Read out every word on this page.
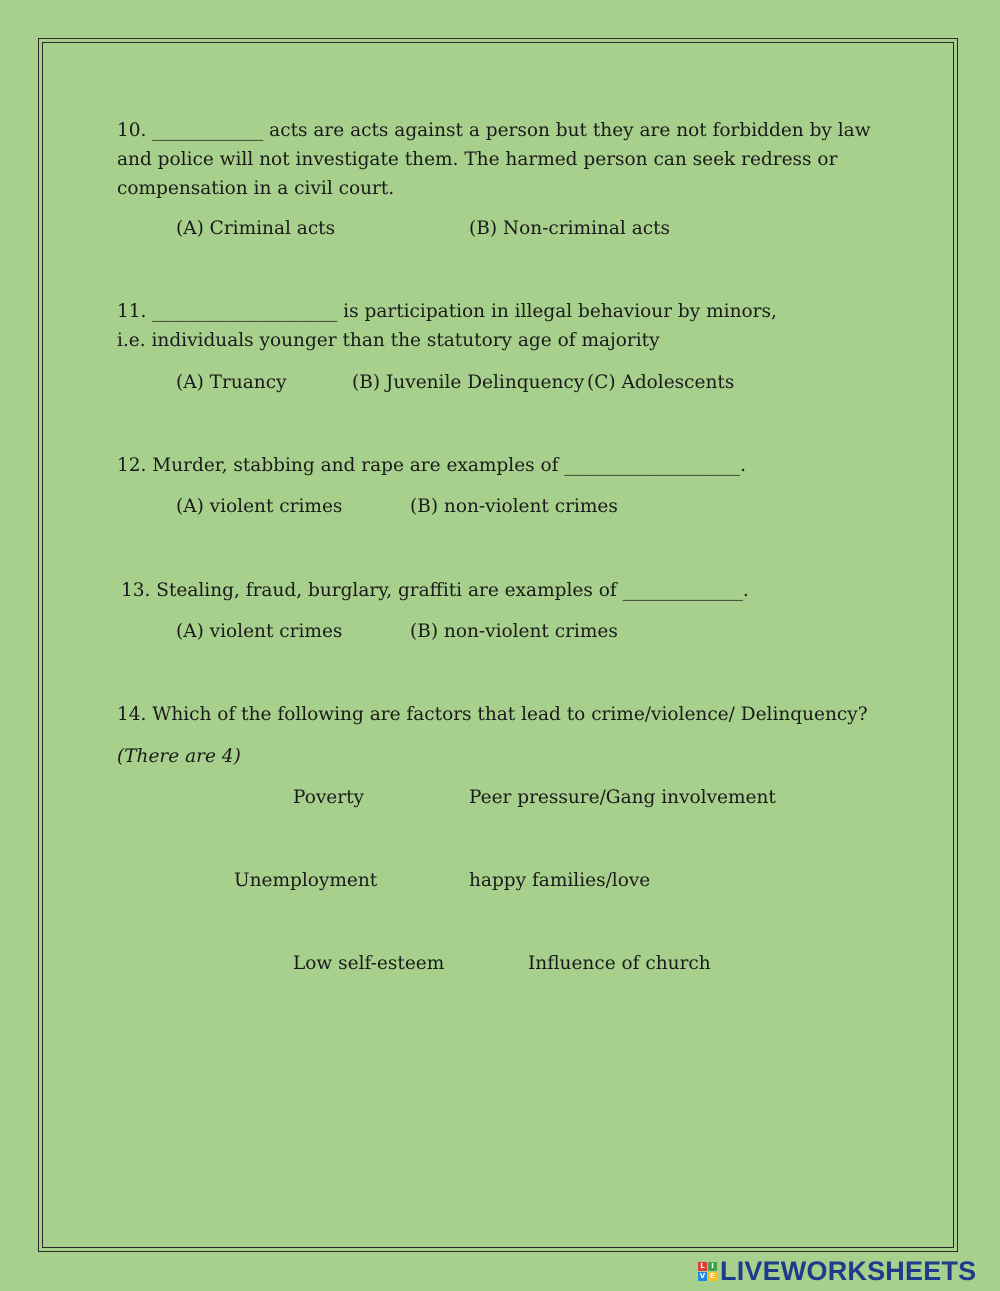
10. ____________ acts are acts against a person but they are not forbidden by law and police will not investigate them. The harmed person can seek redress or compensation in a civil court.
(A) Criminal acts	(B) Non-criminal acts
11. ____________________ is participation in illegal behaviour by minors, i.e. individuals younger than the statutory age of majority
(A) Truancy	(B) Juvenile Delinquency (C) Adolescents
12. Murder, stabbing and rape are examples of ___________________.
(A) violent crimes	(B) non-violent crimes
13. Stealing, fraud, burglary, graffiti are examples of _____________.
(A) violent crimes	(B) non-violent crimes
14. Which of the following are factors that lead to crime/violence/ Delinquency?
(There are 4)
Poverty	Peer pressure/Gang involvement
Unemployment	happy families/love
Low self-esteem	Influence of church
L I
V E LIVEWORKSHEETS
